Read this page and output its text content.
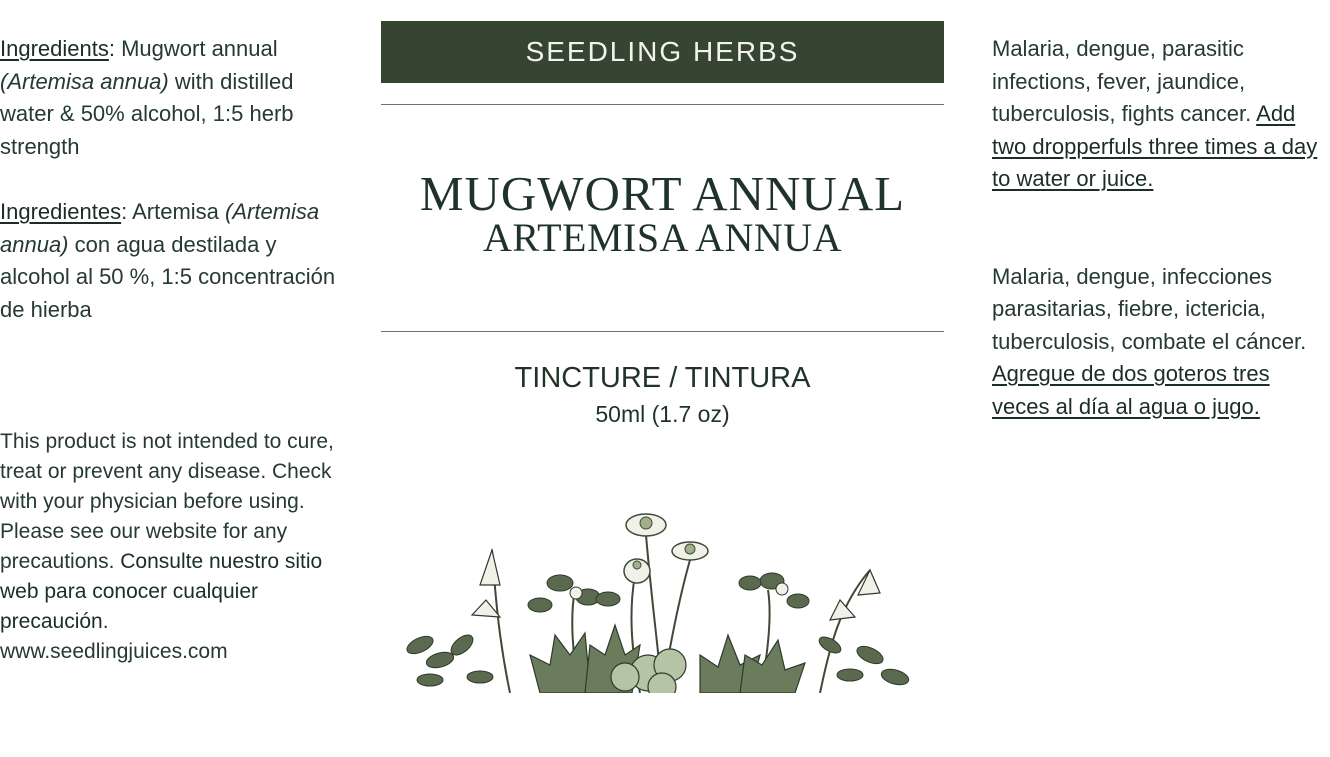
Ingredients: Mugwort annual (Artemisa annua) with distilled water & 50% alcohol, 1:5 herb strength

Ingredientes: Artemisa (Artemisa annua) con agua destilada y alcohol al 50 %, 1:5 concentración de hierba

This product is not intended to cure, treat or prevent any disease. Check with your physician before using. Please see our website for any precautions. Consulte nuestro sitio web para conocer cualquier precaución.
www.seedlingjuices.com
SEEDLING HERBS
MUGWORT ANNUAL
ARTEMISA ANNUA
TINCTURE / TINTURA
50ml (1.7 oz)

Malaria, dengue, parasitic infections, fever, jaundice, tuberculosis, fights cancer. Add two dropperfuls three times a day to water or juice.

Malaria, dengue, infecciones parasitarias, fiebre, ictericia, tuberculosis, combate el cáncer. Agregue de dos goteros tres veces al día al agua o jugo.
